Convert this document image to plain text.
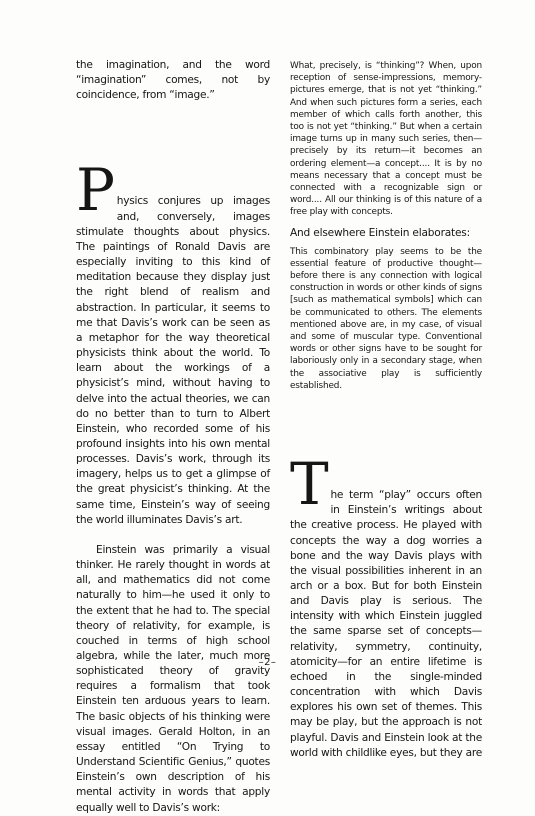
the imagination, and the word “imagination” comes, not by coincidence, from “image.”

Physics conjures up images and, conversely, images stimulate thoughts about physics. The paintings of Ronald Davis are especially inviting to this kind of meditation because they display just the right blend of realism and abstraction. In particular, it seems to me that Davis’s work can be seen as a metaphor for the way theoretical physicists think about the world. To learn about the workings of a physicist’s mind, without having to delve into the actual theories, we can do no better than to turn to Albert Einstein, who recorded some of his profound insights into his own mental processes. Davis’s work, through its imagery, helps us to get a glimpse of the great physicist’s thinking. At the same time, Einstein’s way of seeing the world illuminates Davis’s art.

Einstein was primarily a visual thinker. He rarely thought in words at all, and mathematics did not come naturally to him—he used it only to the extent that he had to. The special theory of relativity, for example, is couched in terms of high school algebra, while the later, much more sophisticated theory of gravity requires a formalism that took Einstein ten arduous years to learn. The basic objects of his thinking were visual images. Gerald Holton, in an essay entitled “On Trying to Understand Scientific Genius,” quotes Einstein’s own description of his mental activity in words that apply equally well to Davis’s work:

What, precisely, is “thinking”? When, upon reception of sense-impressions, memory-pictures emerge, that is not yet “thinking.” And when such pictures form a series, each member of which calls forth another, this too is not yet “thinking.” But when a certain image turns up in many such series, then—precisely by its return—it becomes an ordering element—a concept.... It is by no means necessary that a concept must be connected with a recognizable sign or word.... All our thinking is of this nature of a free play with concepts.

And elsewhere Einstein elaborates:

This combinatory play seems to be the essential feature of productive thought—before there is any connection with logical construction in words or other kinds of signs [such as mathematical symbols] which can be communicated to others. The elements mentioned above are, in my case, of visual and some of muscular type. Conventional words or other signs have to be sought for laboriously only in a secondary stage, when the associative play is sufficiently established.

The term “play” occurs often in Einstein’s writings about the creative process. He played with concepts the way a dog worries a bone and the way Davis plays with the visual possibilities inherent in an arch or a box. But for both Einstein and Davis play is serious. The intensity with which Einstein juggled the same sparse set of concepts—relativity, symmetry, continuity, atomicity—for an entire lifetime is echoed in the single-minded concentration with which Davis explores his own set of themes. This may be play, but the approach is not playful. Davis and Einstein look at the world with childlike eyes, but they are

–2–
